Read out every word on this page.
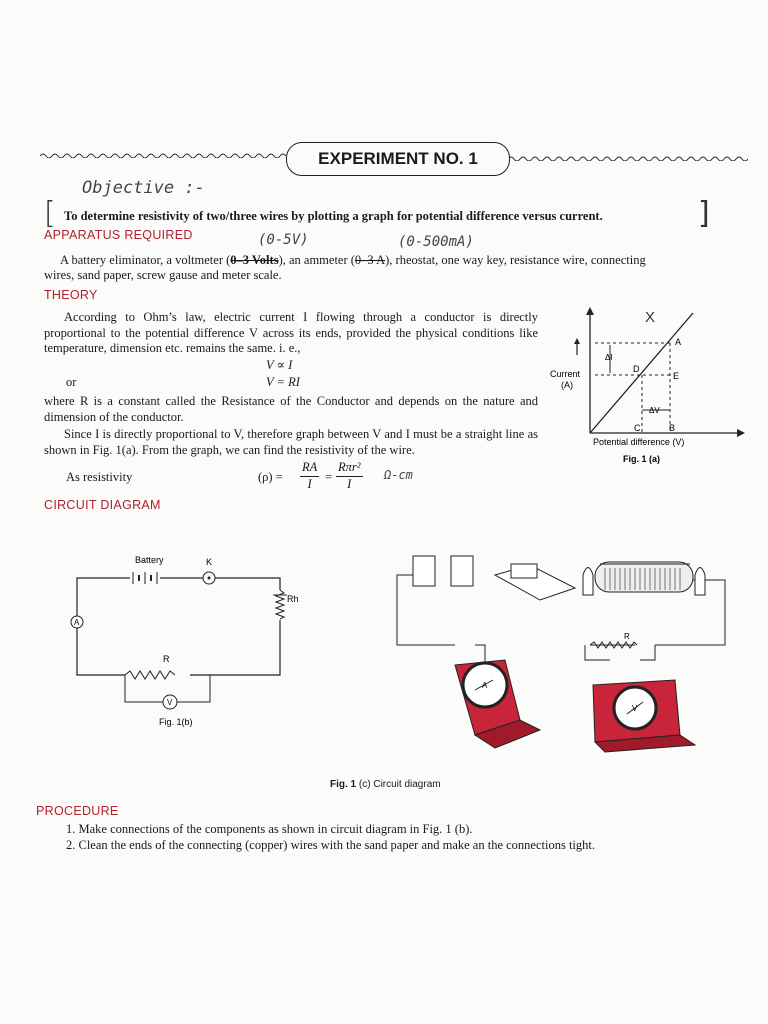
EXPERIMENT NO. 1
Objective :-
[ To determine resistivity of two/three wires by plotting a graph for potential difference versus current.	]
APPARATUS REQUIRED	(0-5V)	(0-500mA)
A battery eliminator, a voltmeter (0–3 Volts), an ammeter (0–3 A), rheostat, one way key, resistance wire, connecting
wires, sand paper, screw gause and meter scale.
THEORY
According to Ohm’s law, electric current I flowing through a conductor is directly proportional to the potential difference V across its ends, provided the physical conditions like temperature, dimension etc. remains the same. i. e.,
V ∝ I
or	V = RI
where R is a constant called the Resistance of the Conductor and depends on the nature and dimension of the conductor.
Since I is directly proportional to V, therefore graph between V and I must be a straight line as shown in Fig. 1(a). From the graph, we can find the resistivity of the wire.
As resistivity	$(\rho) = \frac{RA}{I}$ =
Rπr²
I
Ω-cm
X
A
D
E
C	B
ΔI
ΔV
Current
(A)
Potential difference (V)
Fig. 1 (a)
CIRCUIT DIAGRAM
Battery	K
Rh
R
A
V
Fig. 1(b)
R
A
V
Fig. 1 (c) Circuit diagram
PROCEDURE
1. Make connections of the components as shown in circuit diagram in Fig. 1 (b).
2. Clean the ends of the connecting (copper) wires with the sand paper and make an the connections tight.
